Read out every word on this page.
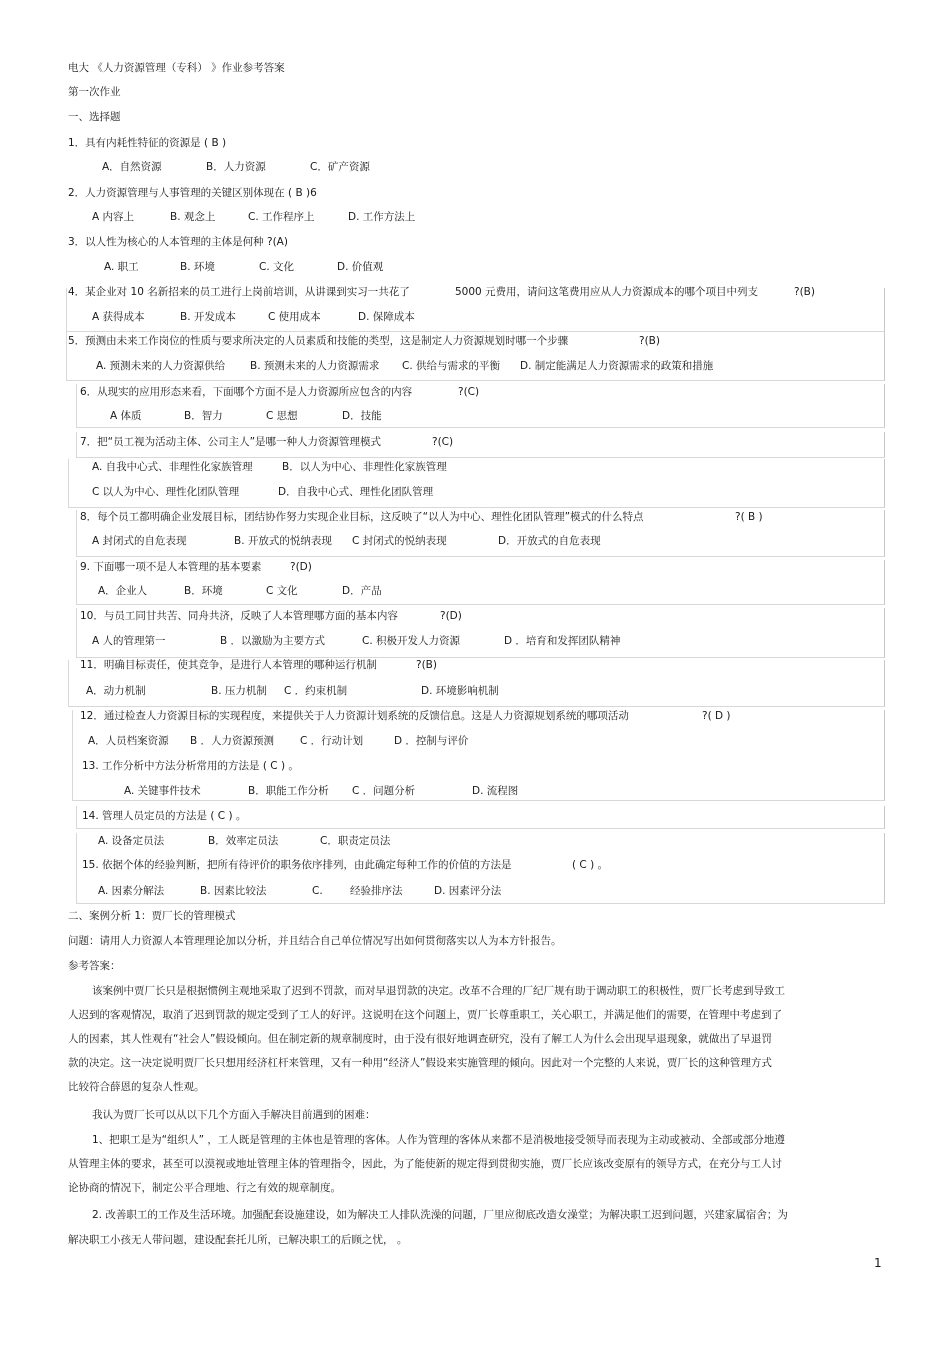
电大 《人力资源管理（专科） 》作业参考答案
第一次作业
一、选择题
1．具有内耗性特征的资源是 ( B )
A．自然资源	B．人力资源	C．矿产资源
2．人力资源管理与人事管理的关键区别体现在 ( B )6
A 内容上	B. 观念上	C. 工作程序上	D. 工作方法上
3．以人性为核心的人本管理的主体是何种 ?(A)
A. 职工	B. 环境	C. 文化	D. 价值观
4．某企业对 10 名新招来的员工进行上岗前培训，从讲课到实习一共花了	5000 元费用，请问这笔费用应从人力资源成本的哪个项目中列支	?(B)
A 获得成本	B. 开发成本	C 使用成本	D. 保障成本
5．预测由未来工作岗位的性质与要求所决定的人员素质和技能的类型，这是制定人力资源规划时哪一个步骤	?(B)
A. 预测未来的人力资源供给 B. 预测未来的人力资源需求 C. 供给与需求的平衡 D. 制定能满足人力资源需求的政策和措施
6．从现实的应用形态来看，下面哪个方面不是人力资源所应包含的内容	?(C)
A 体质	B．智力	C 思想	D．技能
7．把“员工视为活动主体、公司主人”是哪一种人力资源管理模式	?(C)
A. 自我中心式、非理性化家族管理	B．以人为中心、非理性化家族管理
C 以人为中心、理性化团队管理	D．自我中心式、理性化团队管理
8．每个员工都明确企业发展目标，团结协作努力实现企业目标，这反映了“以人为中心、理性化团队管理”模式的什么特点	?( B )
A 封闭式的自危表现	B. 开放式的悦纳表现 C 封闭式的悦纳表现	D．开放式的自危表现
9. 下面哪一项不是人本管理的基本要素	?(D)
A．企业人	B．环境	C 文化	D．产品
10．与员工同甘共苦、同舟共济，反映了人本管理哪方面的基本内容	?(D)
A 人的管理第一	B ．以激励为主要方式	C. 积极开发人力资源	D ．培育和发挥团队精神
11．明确目标责任，使其竞争，是进行人本管理的哪种运行机制	?(B)
A．动力机制	B. 压力机制 C ．约束机制	D. 环境影响机制
12．通过检查人力资源目标的实现程度，来提供关于人力资源计划系统的反馈信息。这是人力资源规划系统的哪项活动	?( D )
A．人员档案资源 B ．人力资源预测 C ．行动计划	D ．控制与评价
13. 工作分析中方法分析常用的方法是 ( C ) 。
A. 关键事件技术	B．职能工作分析 C ．问题分析	D. 流程图
14. 管理人员定员的方法是 ( C ) 。
A. 设备定员法	B．效率定员法	C．职责定员法
15. 依据个体的经验判断，把所有待评价的职务依序排列，由此确定每种工作的价值的方法是	( C ) 。
A. 因素分解法	B. 因素比较法	C.	经验排序法	D. 因素评分法
二、案例分析 1：贾厂长的管理模式
问题：请用人力资源人本管理理论加以分析，并且结合自己单位情况写出如何贯彻落实以人为本方针报告。
参考答案：
该案例中贾厂长只是根据惯例主观地采取了迟到不罚款，而对早退罚款的决定。改革不合理的厂纪厂规有助于调动职工的积极性，贾厂长考虑到导致工
人迟到的客观情况，取消了迟到罚款的规定受到了工人的好评。这说明在这个问题上，贾厂长尊重职工，关心职工，并满足他们的需要，在管理中考虑到了
人的因素，其人性观有“社会人”假设倾向。但在制定新的规章制度时，由于没有很好地调查研究，没有了解工人为什么会出现早退现象，就做出了早退罚
款的决定。这一决定说明贾厂长只想用经济杠杆来管理，又有一种用“经济人”假设来实施管理的倾向。因此对一个完整的人来说，贾厂长的这种管理方式
比较符合薛恩的复杂人性观。
我认为贾厂长可以从以下几个方面入手解决目前遇到的困难：
1、把职工是为“组织人” ，工人既是管理的主体也是管理的客体。人作为管理的客体从来都不是消极地接受领导而表现为主动或被动、全部或部分地遵
从管理主体的要求，甚至可以漠视或地址管理主体的管理指令，因此，为了能使新的规定得到贯彻实施，贾厂长应该改变原有的领导方式，在充分与工人讨
论协商的情况下，制定公平合理地、行之有效的规章制度。
2. 改善职工的工作及生活环境。加强配套设施建设，如为解决工人排队洗澡的问题，厂里应彻底改造女澡堂；为解决职工迟到问题，兴建家属宿舍；为
解决职工小孩无人带问题，建设配套托儿所，已解决职工的后顾之忧， 。
1
